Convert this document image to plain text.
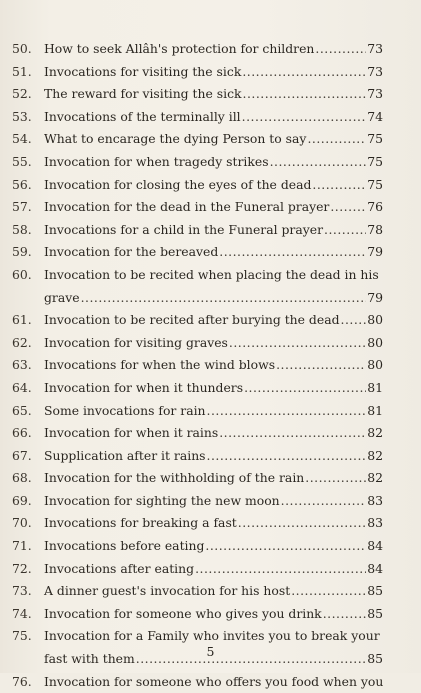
50. How to seek Allâh's protection for children .....	73
51. Invocations for visiting the sick .....	73
52. The reward for visiting the sick .....	73
53. Invocations of the terminally ill .....	74
54. What to encarage the dying Person to say .....	75
55. Invocation for when tragedy strikes .....	75
56. Invocation for closing the eyes of the dead .....	75
57. Invocation for the dead in the Funeral prayer .....	76
58. Invocations for a child in the Funeral prayer .....	78
59. Invocation for the bereaved .....	79
60. Invocation to be recited when placing the dead in his
grave .....	79
61. Invocation to be recited after burying the dead ..... 80
62. Invocation for visiting graves .....	80
63. Invocations for when the wind blows .....	80
64. Invocation for when it thunders .....	81
65. Some invocations for rain .....	81
66. Invocation for when it rains .....	82
67. Supplication after it rains .....	82
68. Invocation for the withholding of the rain .....	82
69. Invocation for sighting the new moon .....	83
70. Invocations for breaking a fast .....	83
71. Invocations before eating .....	84
72. Invocations after eating .....	84
73. A dinner guest's invocation for his host .....	85
74. Invocation for someone who gives you drink .....	85
75. Invocation for a Family who invites you to break your
fast with them .....	85
76. Invocation for someone who offers you food when you
5
